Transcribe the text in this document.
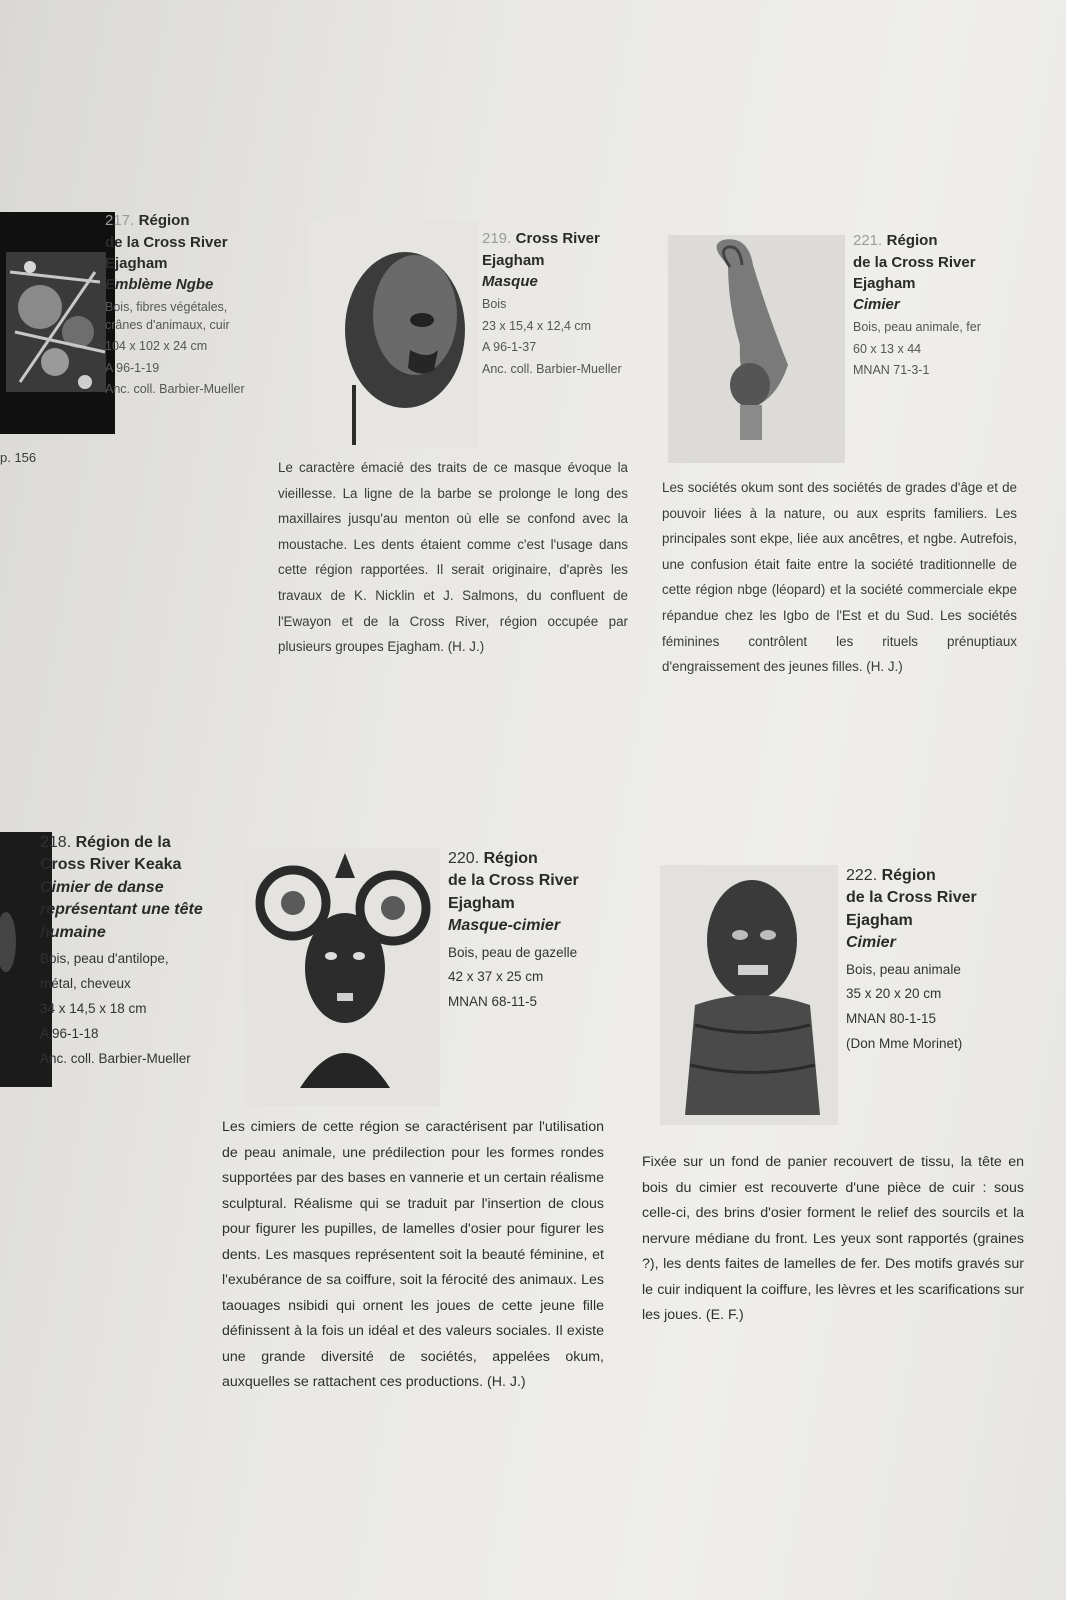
217. Région
de la Cross River
Ejagham
Emblème Ngbe
Bois, fibres végétales, crânes d'animaux, cuir
104 x 102 x 24 cm
A 96-1-19
Anc. coll. Barbier-Mueller
p. 156
219. Cross River
Ejagham
Masque
Bois
23 x 15,4 x 12,4 cm
A 96-1-37
Anc. coll. Barbier-Mueller
Le caractère émacié des traits de ce masque évoque la vieillesse. La ligne de la barbe se prolonge le long des maxillaires jusqu'au menton où elle se confond avec la moustache. Les dents étaient comme c'est l'usage dans cette région rapportées. Il serait originaire, d'après les travaux de K. Nicklin et J. Salmons, du confluent de l'Ewayon et de la Cross River, région occupée par plusieurs groupes Ejagham. (H. J.)
221. Région
de la Cross River
Ejagham
Cimier
Bois, peau animale, fer
60 x 13 x 44
MNAN 71-3-1
Les sociétés okum sont des sociétés de grades d'âge et de pouvoir liées à la nature, ou aux esprits familiers. Les principales sont ekpe, liée aux ancêtres, et ngbe. Autrefois, une confusion était faite entre la société traditionnelle de cette région nbge (léopard) et la société commerciale ekpe répandue chez les Igbo de l'Est et du Sud. Les sociétés féminines contrôlent les rituels prénuptiaux d'engraissement des jeunes filles. (H. J.)
218. Région de la
Cross River Keaka
Cimier de danse
représentant une tête
humaine
Bois, peau d'antilope,
métal, cheveux
34 x 14,5 x 18 cm
A 96-1-18
Anc. coll. Barbier-Mueller
220. Région
de la Cross River
Ejagham
Masque-cimier
Bois, peau de gazelle
42 x 37 x 25 cm
MNAN 68-11-5
Les cimiers de cette région se caractérisent par l'utilisation de peau animale, une prédilection pour les formes rondes supportées par des bases en vannerie et un certain réalisme sculptural. Réalisme qui se traduit par l'insertion de clous pour figurer les pupilles, de lamelles d'osier pour figurer les dents. Les masques représentent soit la beauté féminine, et l'exubérance de sa coiffure, soit la férocité des animaux. Les taouages nsibidi qui ornent les joues de cette jeune fille définissent à la fois un idéal et des valeurs sociales. Il existe une grande diversité de sociétés, appelées okum, auxquelles se rattachent ces productions. (H. J.)
222. Région
de la Cross River
Ejagham
Cimier
Bois, peau animale
35 x 20 x 20 cm
MNAN 80-1-15
(Don Mme Morinet)
Fixée sur un fond de panier recouvert de tissu, la tête en bois du cimier est recouverte d'une pièce de cuir : sous celle-ci, des brins d'osier forment le relief des sourcils et la nervure médiane du front. Les yeux sont rapportés (graines ?), les dents faites de lamelles de fer. Des motifs gravés sur le cuir indiquent la coiffure, les lèvres et les scarifications sur les joues. (E. F.)
